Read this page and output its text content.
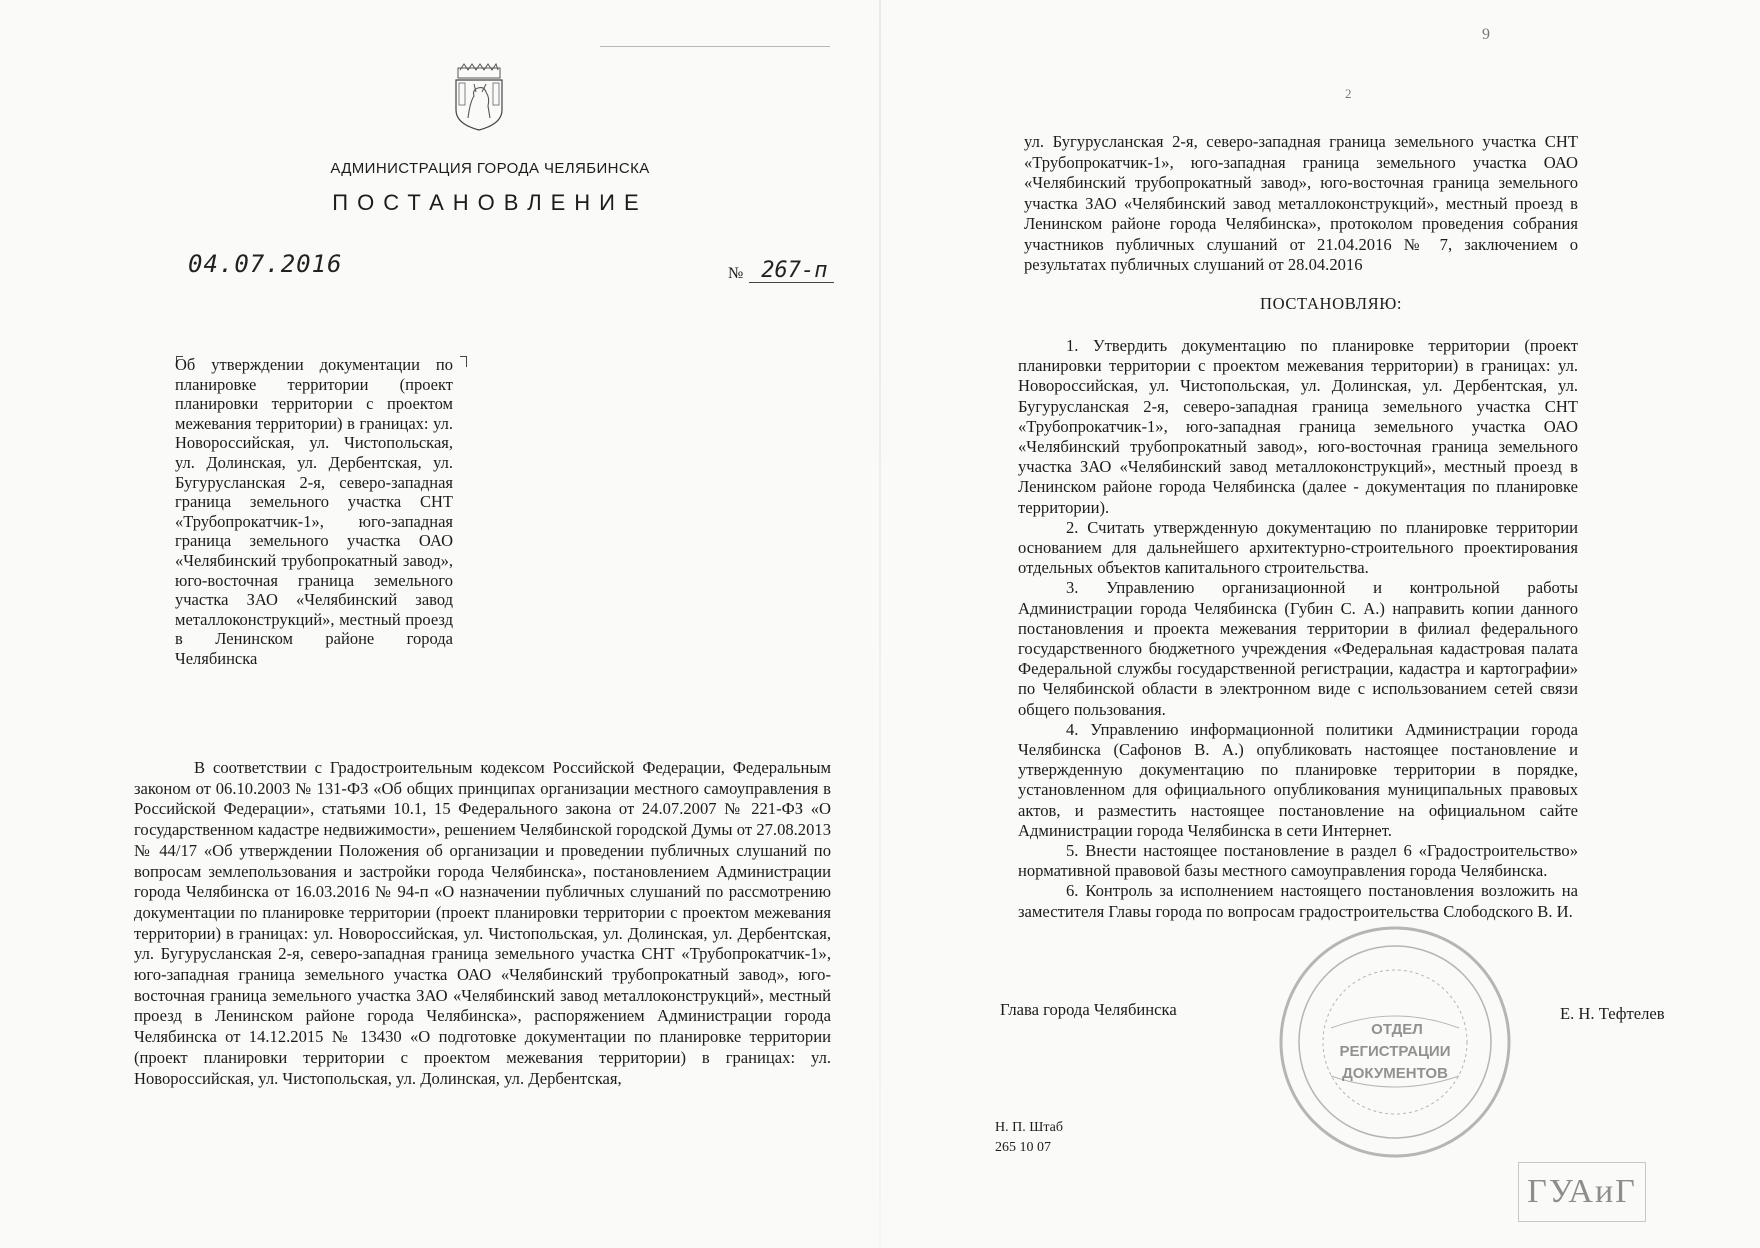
АДМИНИСТРАЦИЯ ГОРОДА ЧЕЛЯБИНСКА
ПОСТАНОВЛЕНИЕ
04.07.2016	№ 267-п
Об утверждении документации по планировке территории (проект планировки территории с проектом межевания территории) в границах: ул. Новороссийская, ул. Чистопольская, ул. Долинская, ул. Дербентская, ул. Бугурусланская 2-я, северо-западная граница земельного участка СНТ «Трубопрокатчик-1», юго-западная граница земельного участка ОАО «Челябинский трубопрокатный завод», юго-восточная граница земельного участка ЗАО «Челябинский завод металлоконструкций», местный проезд в Ленинском районе города Челябинска

В соответствии с Градостроительным кодексом Российской Федерации, Федеральным законом от 06.10.2003 № 131-ФЗ «Об общих принципах организации местного самоуправления в Российской Федерации», статьями 10.1, 15 Федерального закона от 24.07.2007 № 221-ФЗ «О государственном кадастре недвижимости», решением Челябинской городской Думы от 27.08.2013 № 44/17 «Об утверждении Положения об организации и проведении публичных слушаний по вопросам землепользования и застройки города Челябинска», постановлением Администрации города Челябинска от 16.03.2016 № 94-п «О назначении публичных слушаний по рассмотрению документации по планировке территории (проект планировки территории с проектом межевания территории) в границах: ул. Новороссийская, ул. Чистопольская, ул. Долинская, ул. Дербентская, ул. Бугурусланская 2-я, северо-западная граница земельного участка СНТ «Трубопрокатчик-1», юго-западная граница земельного участка ОАО «Челябинский трубопрокатный завод», юго-восточная граница земельного участка ЗАО «Челябинский завод металлоконструкций», местный проезд в Ленинском районе города Челябинска», распоряжением Администрации города Челябинска от 14.12.2015 № 13430 «О подготовке документации по планировке территории (проект планировки территории с проектом межевания территории) в границах: ул. Новороссийская, ул. Чистопольская, ул. Долинская, ул. Дербентская,

9
2

ул. Бугурусланская 2-я, северо-западная граница земельного участка СНТ «Трубопрокатчик-1», юго-западная граница земельного участка ОАО «Челябинский трубопрокатный завод», юго-восточная граница земельного участка ЗАО «Челябинский завод металлоконструкций», местный проезд в Ленинском районе города Челябинска», протоколом проведения собрания участников публичных слушаний от 21.04.2016 № 7, заключением о результатах публичных слушаний от 28.04.2016

ПОСТАНОВЛЯЮ:

1. Утвердить документацию по планировке территории (проект планировки территории с проектом межевания территории) в границах: ул. Новороссийская, ул. Чистопольская, ул. Долинская, ул. Дербентская, ул. Бугурусланская 2-я, северо-западная граница земельного участка СНТ «Трубопрокатчик-1», юго-западная граница земельного участка ОАО «Челябинский трубопрокатный завод», юго-восточная граница земельного участка ЗАО «Челябинский завод металлоконструкций», местный проезд в Ленинском районе города Челябинска (далее - документация по планировке территории).

2. Считать утвержденную документацию по планировке территории основанием для дальнейшего архитектурно-строительного проектирования отдельных объектов капитального строительства.

3. Управлению организационной и контрольной работы Администрации города Челябинска (Губин С. А.) направить копии данного постановления и проекта межевания территории в филиал федерального государственного бюджетного учреждения «Федеральная кадастровая палата Федеральной службы государственной регистрации, кадастра и картографии» по Челябинской области в электронном виде с использованием сетей связи общего пользования.

4. Управлению информационной политики Администрации города Челябинска (Сафонов В. А.) опубликовать настоящее постановление и утвержденную документацию по планировке территории в порядке, установленном для официального опубликования муниципальных правовых актов, и разместить настоящее постановление на официальном сайте Администрации города Челябинска в сети Интернет.

5. Внести настоящее постановление в раздел 6 «Градостроительство» нормативной правовой базы местного самоуправления города Челябинска.

6. Контроль за исполнением настоящего постановления возложить на заместителя Главы города по вопросам градостроительства Слободского В. И.

Глава города Челябинска	Е. Н. Тефтелев
ОТДЕЛ
РЕГИСТРАЦИИ
ДОКУМЕНТОВ
Н. П. Штаб
265 10 07
ГУАиГ
